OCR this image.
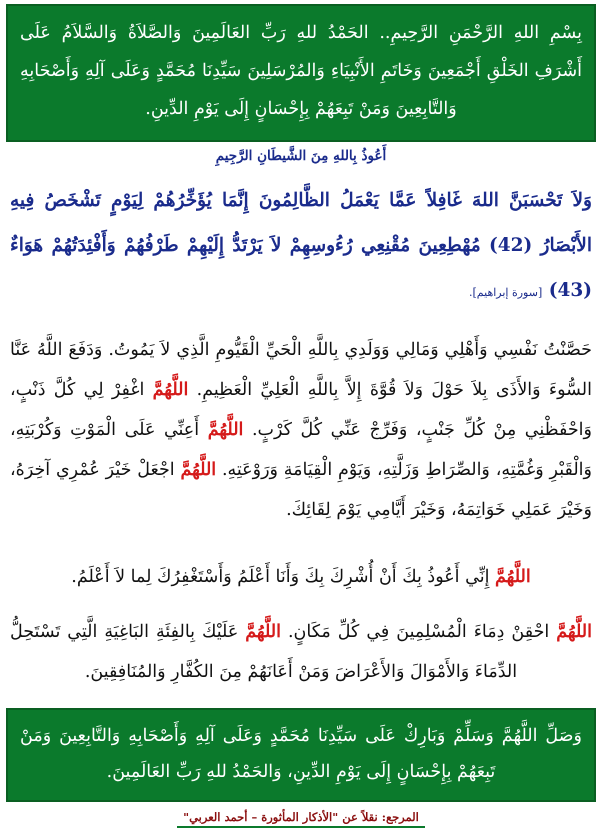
بِسْمِ اللهِ الرَّحْمَنِ الرَّحِيمِ.. الحَمْدُ للهِ رَبِّ العَالَمِينَ وَالصَّلاَةُ وَالسَّلاَمُ عَلَى أَشْرَفِ الخَلْقِ أَجْمَعِينَ وَخَاتَمِ الأَنْبِيَاءِ وَالمُرْسَلِينَ سَيِّدِنَا مُحَمَّدٍ وَعَلَى آلِهِ وَأَصْحَابِهِ وَالتَّابِعِينَ وَمَنْ تَبِعَهُمْ بِإِحْسَانٍ إِلَى يَوْمِ الدِّينِ.
أَعُوذُ بِاللهِ مِنَ الشَّيطَانِ الرَّجِيمِ
وَلاَ تَحْسَبَنَّ اللهَ غَافِلاً عَمَّا يَعْمَلُ الظَّالِمُونَ إِنَّمَا يُؤَخِّرُهُمْ لِيَوْمٍ تَشْخَصُ فِيهِ الأَبْصَارُ (42) مُهْطِعِينَ مُقْنِعِي رُءُوسِهِمْ لاَ يَرْتَدُّ إِلَيْهِمْ طَرْفُهُمْ وَأَفْئِدَتُهُمْ هَوَاءٌ (43) [سورة إبراهيم].
حَصَّنْتُ نَفْسِي وَأَهْلِي وَمَالِي وَوَلَدِي بِاللَّهِ الْحَيِّ الْقَيُّومِ الَّذِي لاَ يَمُوتُ. وَدَفَعَ اللَّهُ عَنَّا السُّوءَ وَالأَذَى بِلاَ حَوْلَ وَلاَ قُوَّةَ إِلاَّ بِاللَّهِ الْعَلِيِّ الْعَظِيمِ. اللَّهُمَّ اغْفِرْ لِي كُلَّ ذَنْبٍ، وَاحْفَظْنِي مِنْ كُلِّ جَنْبٍ، وَفَرِّجْ عَنِّي كُلَّ كَرْبٍ. اللَّهُمَّ أَعِنِّي عَلَى الْمَوْتِ وَكُرْبَتِهِ، وَالْقَبْرِ وَغُمَّتِهِ، وَالصِّرَاطِ وَزَلَّتِهِ، وَيَوْمِ الْقِيَامَةِ وَرَوْعَتِهِ. اللَّهُمَّ اجْعَلْ خَيْرَ عُمْرِي آخِرَهُ، وَخَيْرَ عَمَلِي خَوَاتِمَهُ، وَخَيْرَ أَيَّامِي يَوْمَ لِقَائِكَ.
اللَّهُمَّ إِنِّي أَعُوذُ بِكَ أَنْ أُشْرِكَ بِكَ وَأَنَا أَعْلَمُ وَأَسْتَغْفِرُكَ لِما لاَ أَعْلَمُ.
اللَّهُمَّ احْقِنْ دِمَاءَ الْمُسْلِمِينَ فِي كُلِّ مَكَانٍ. اللَّهُمَّ عَلَيْكَ بِالفِئَةِ البَاغِيَةِ الَّتِي تَسْتَحِلُّ الدِّمَاءَ وَالأَمْوَالَ وَالأَعْرَاضَ وَمَنْ أَعَانَهُمْ مِنَ الكُفَّارِ وَالمُنَافِقِينَ.
وَصَلِّ اللَّهُمَّ وَسَلِّمْ وَبَارِكْ عَلَى سَيِّدِنَا مُحَمَّدٍ وَعَلَى آلِهِ وَأَصْحَابِهِ وَالتَّابِعِينَ وَمَنْ تَبِعَهُمْ بِإِحْسَانٍ إِلَى يَوْمِ الدِّينِ، وَالحَمْدُ للهِ رَبِّ العَالَمِينَ.
المرجع: نقلاً عن "الأذكار المأثورة – أحمد العربي"
